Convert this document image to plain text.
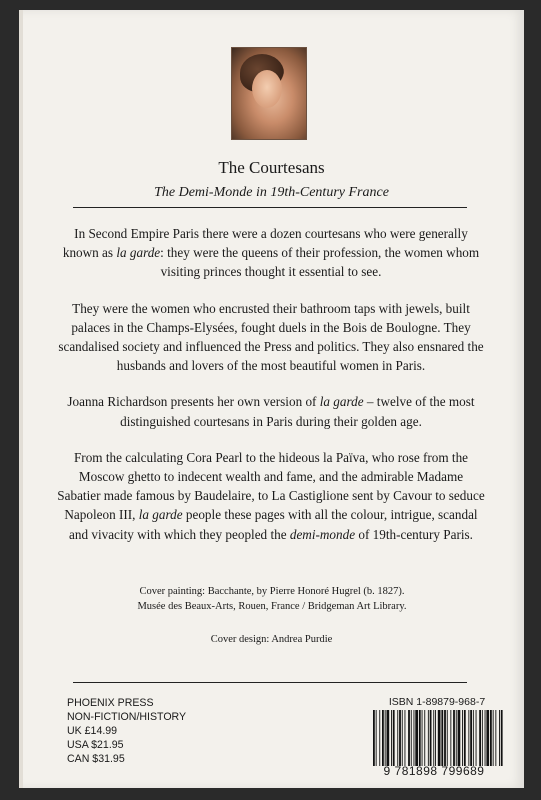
The Courtesans
The Demi-Monde in 19th-Century France

In Second Empire Paris there were a dozen courtesans who were generally known as la garde: they were the queens of their profession, the women whom visiting princes thought it essential to see.

They were the women who encrusted their bathroom taps with jewels, built palaces in the Champs-Elysées, fought duels in the Bois de Boulogne. They scandalised society and influenced the Press and politics. They also ensnared the husbands and lovers of the most beautiful women in Paris.

Joanna Richardson presents her own version of la garde – twelve of the most distinguished courtesans in Paris during their golden age.

From the calculating Cora Pearl to the hideous la Païva, who rose from the Moscow ghetto to indecent wealth and fame, and the admirable Madame Sabatier made famous by Baudelaire, to La Castiglione sent by Cavour to seduce Napoleon III, la garde people these pages with all the colour, intrigue, scandal and vivacity with which they peopled the demi-monde of 19th-century Paris.

Cover painting: Bacchante, by Pierre Honoré Hugrel (b. 1827).
Musée des Beaux-Arts, Rouen, France / Bridgeman Art Library.
Cover design: Andrea Purdie
PHOENIX PRESS
NON-FICTION/HISTORY
UK £14.99
USA $21.95
CAN $31.95
ISBN 1-89879-968-7
9 781898 799689
